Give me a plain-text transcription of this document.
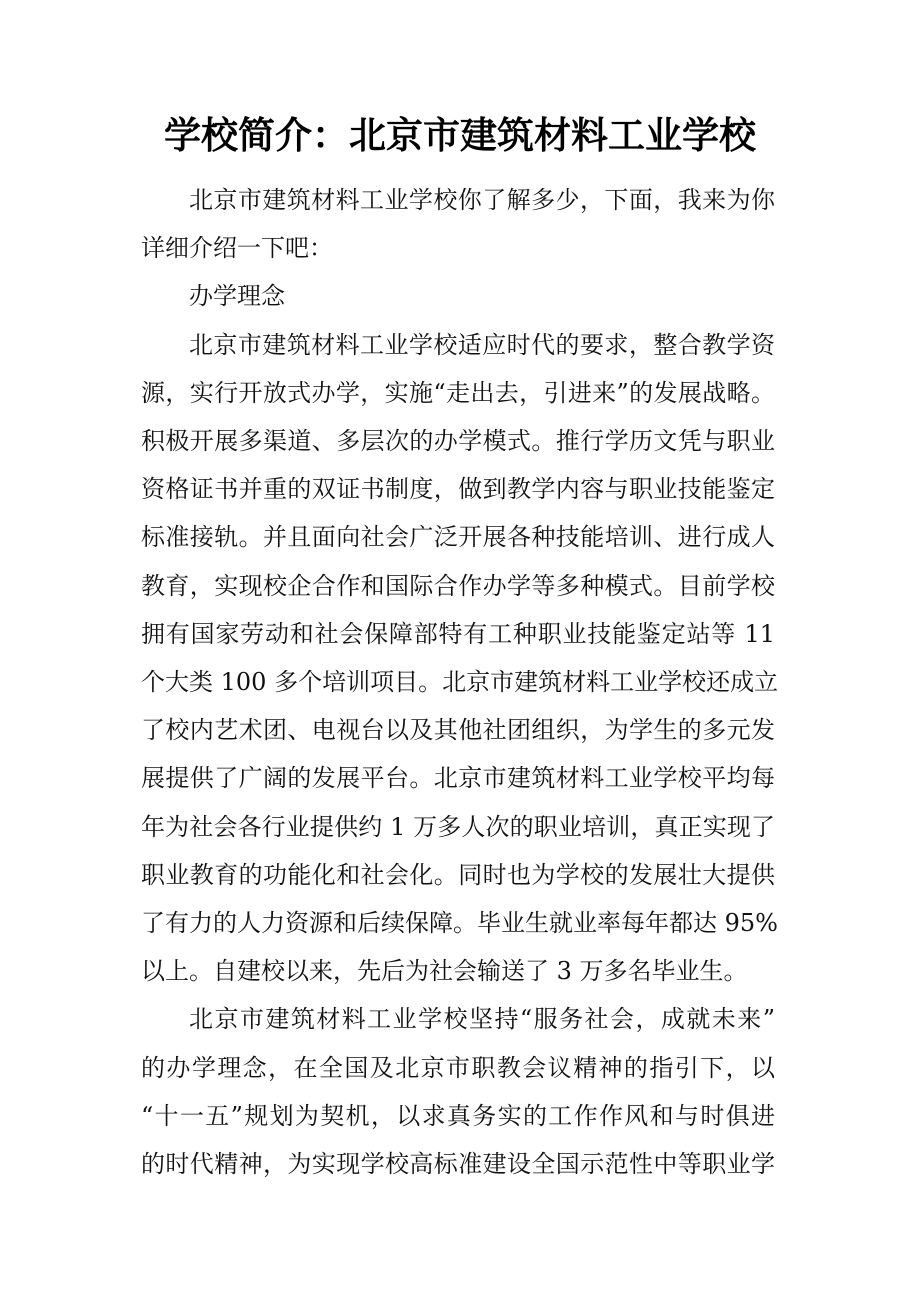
学校简介：北京市建筑材料工业学校
北京市建筑材料工业学校你了解多少，下面，我来为你
详细介绍一下吧：
办学理念
北京市建筑材料工业学校适应时代的要求，整合教学资
源，实行开放式办学，实施“走出去，引进来”的发展战略。
积极开展多渠道、多层次的办学模式。推行学历文凭与职业
资格证书并重的双证书制度，做到教学内容与职业技能鉴定
标准接轨。并且面向社会广泛开展各种技能培训、进行成人
教育，实现校企合作和国际合作办学等多种模式。目前学校
拥有国家劳动和社会保障部特有工种职业技能鉴定站等 11
个大类 100 多个培训项目。北京市建筑材料工业学校还成立
了校内艺术团、电视台以及其他社团组织，为学生的多元发
展提供了广阔的发展平台。北京市建筑材料工业学校平均每
年为社会各行业提供约 1 万多人次的职业培训，真正实现了
职业教育的功能化和社会化。同时也为学校的发展壮大提供
了有力的人力资源和后续保障。毕业生就业率每年都达 95%
以上。自建校以来，先后为社会输送了 3 万多名毕业生。
北京市建筑材料工业学校坚持“服务社会，成就未来”
的办学理念，在全国及北京市职教会议精神的指引下，以
“十一五”规划为契机，以求真务实的工作作风和与时俱进
的时代精神，为实现学校高标准建设全国示范性中等职业学
